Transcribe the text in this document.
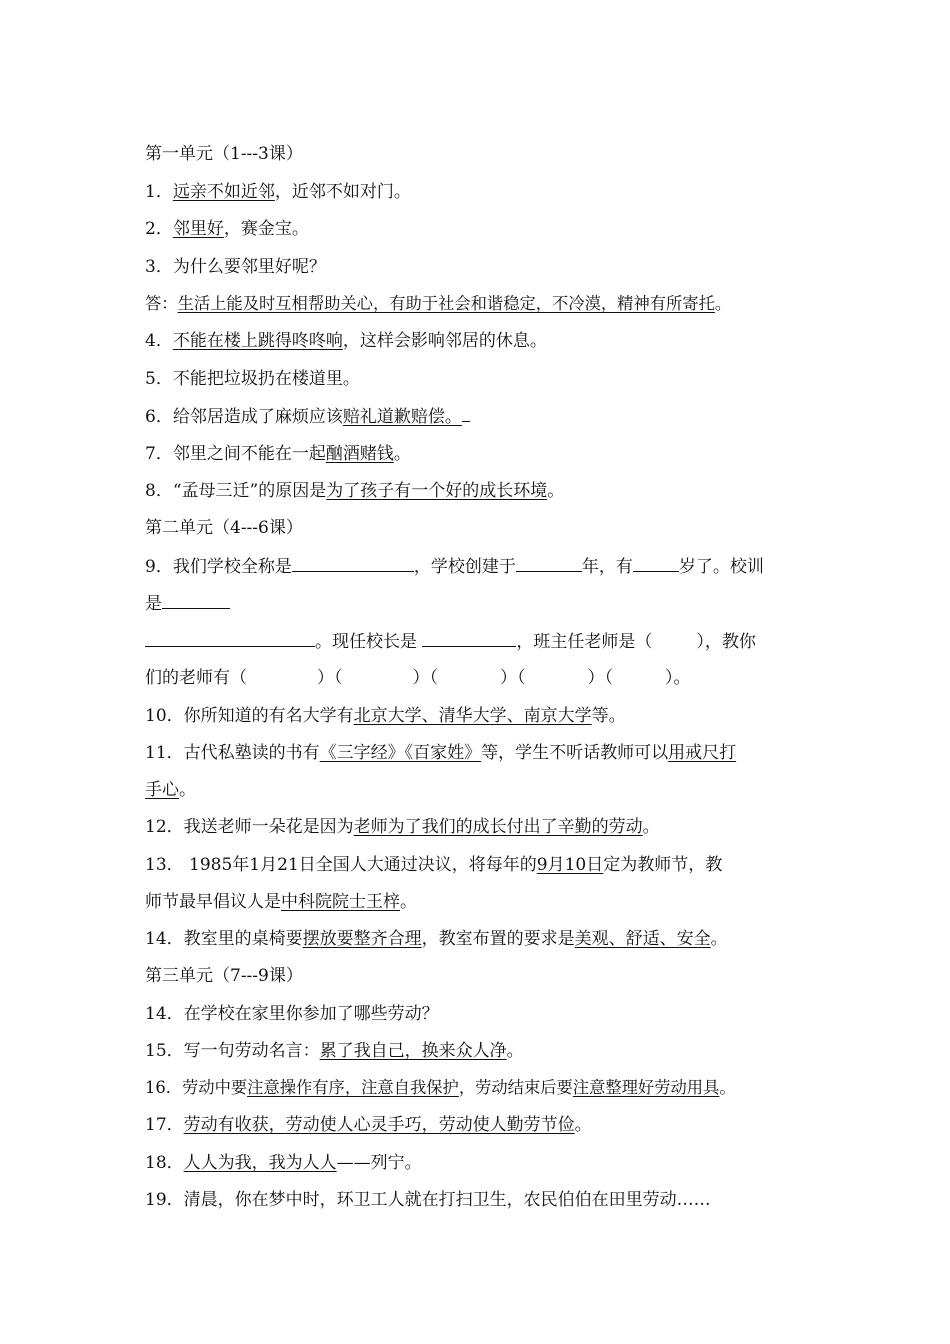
第一单元（1---3课）
1．远亲不如近邻，近邻不如对门。
2．邻里好，赛金宝。
3．为什么要邻里好呢？
答：生活上能及时互相帮助关心，有助于社会和谐稳定，不冷漠，精神有所寄托。
4．不能在楼上跳得咚咚响，这样会影响邻居的休息。
5．不能把垃圾扔在楼道里。
6．给邻居造成了麻烦应该赔礼道歉赔偿。
7．邻里之间不能在一起酗酒赌钱。
8．“孟母三迁”的原因是为了孩子有一个好的成长环境。
第二单元（4---6课）
9．我们学校全称是	，学校创建于	年，有	岁了。校训
是
。现任校长是	，班主任老师是（	），教你
们的老师有（	）（	）（	）（	）（	）。
10．你所知道的有名大学有北京大学、清华大学、南京大学等。
11．古代私塾读的书有《三字经》《百家姓》等，学生不听话教师可以用戒尺打
手心。
12．我送老师一朵花是因为老师为了我们的成长付出了辛勤的劳动。
13． 1985年1月21日全国人大通过决议，将每年的9月10日定为教师节，教
师节最早倡议人是中科院院士王梓。
14．教室里的桌椅要摆放要整齐合理，教室布置的要求是美观、舒适、安全。
第三单元（7---9课）
14．在学校在家里你参加了哪些劳动？
15．写一句劳动名言：累了我自己，换来众人净。
16．劳动中要注意操作有序，注意自我保护，劳动结束后要注意整理好劳动用具。
17．劳动有收获，劳动使人心灵手巧，劳动使人勤劳节俭。
18．人人为我，我为人人——列宁。
19．清晨，你在梦中时，环卫工人就在打扫卫生，农民伯伯在田里劳动……
